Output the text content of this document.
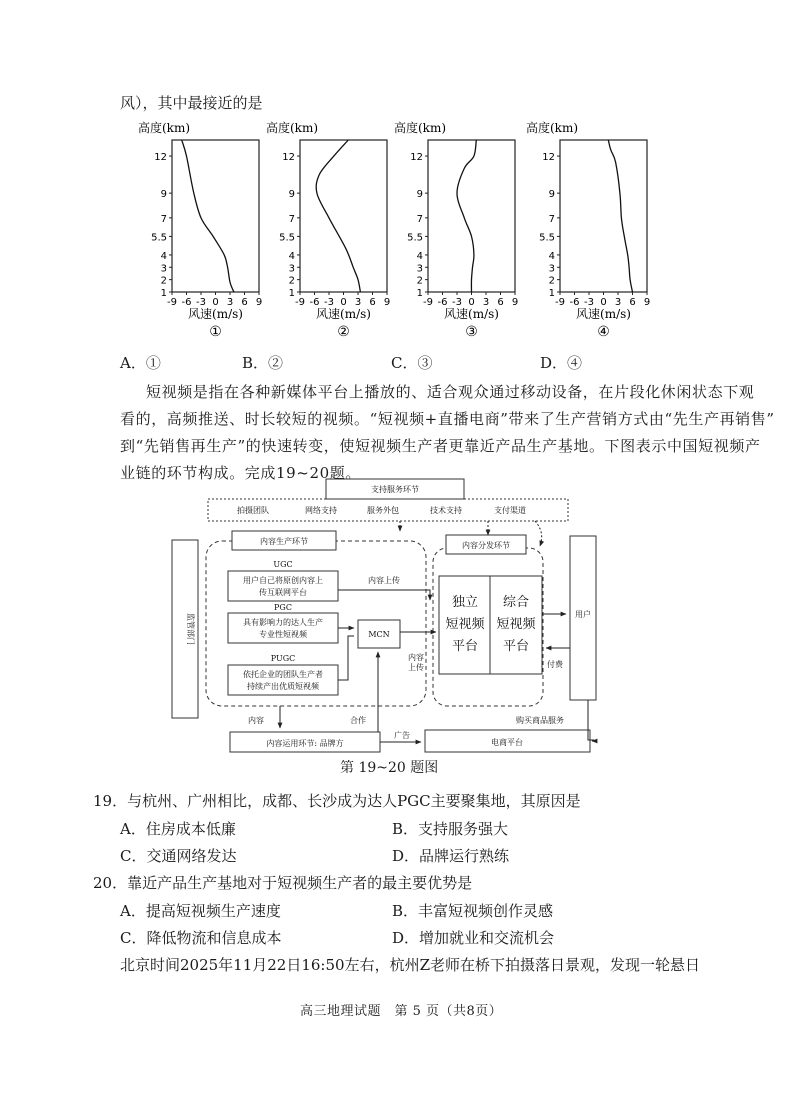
风），其中最接近的是
高度(km)
1
2
3
4
5.5
7
9
12
-9 -6 -3 0 3 6 9
风速(m/s)
①
高度(km)
1
2
3
4
5.5
7
9
12
-9 -6 -3 0 3 6 9
风速(m/s)
②
高度(km)
1
2
3
4
5.5
7
9
12
-9 -6 -3 0 3 6 9
风速(m/s)
③
高度(km)
1
2
3
4
5.5
7
9
12
-9 -6 -3 0 3 6 9
风速(m/s)
④
A．①	B．②	C．③	D．④
短视频是指在各种新媒体平台上播放的、适合观众通过移动设备，在片段化休闲状态下观
看的，高频推送、时长较短的视频。“短视频+直播电商”带来了生产营销方式由“先生产再销售”
到“先销售再生产”的快速转变，使短视频生产者更靠近产品生产基地。下图表示中国短视频产
业链的环节构成。完成19~20题。
支持服务环节
拍摄团队	网络支持	服务外包	技术支持	支付渠道
监管部门
内容生产环节
UGC
用户自己将原创内容上
传互联网平台
PGC
具有影响力的达人生产
专业性短视频
PUGC
依托企业的团队生产者
持续产出优质短视频
MCN
内容上传
内容
上传
内容分发环节
用户
付费
购买商品服务
内容	合作
内容运用环节: 品牌方
广告
电商平台
独立
短视频
平台
综合
短视频
平台
第 19~20 题图
19．与杭州、广州相比，成都、长沙成为达人PGC主要聚集地，其原因是
A．住房成本低廉	B．支持服务强大
C．交通网络发达	D．品牌运行熟练
20．靠近产品生产基地对于短视频生产者的最主要优势是
A．提高短视频生产速度	B．丰富短视频创作灵感
C．降低物流和信息成本	D．增加就业和交流机会
北京时间2025年11月22日16:50左右，杭州Z老师在桥下拍摄落日景观，发现一轮悬日
高三地理试题　第 5 页（共8页）
